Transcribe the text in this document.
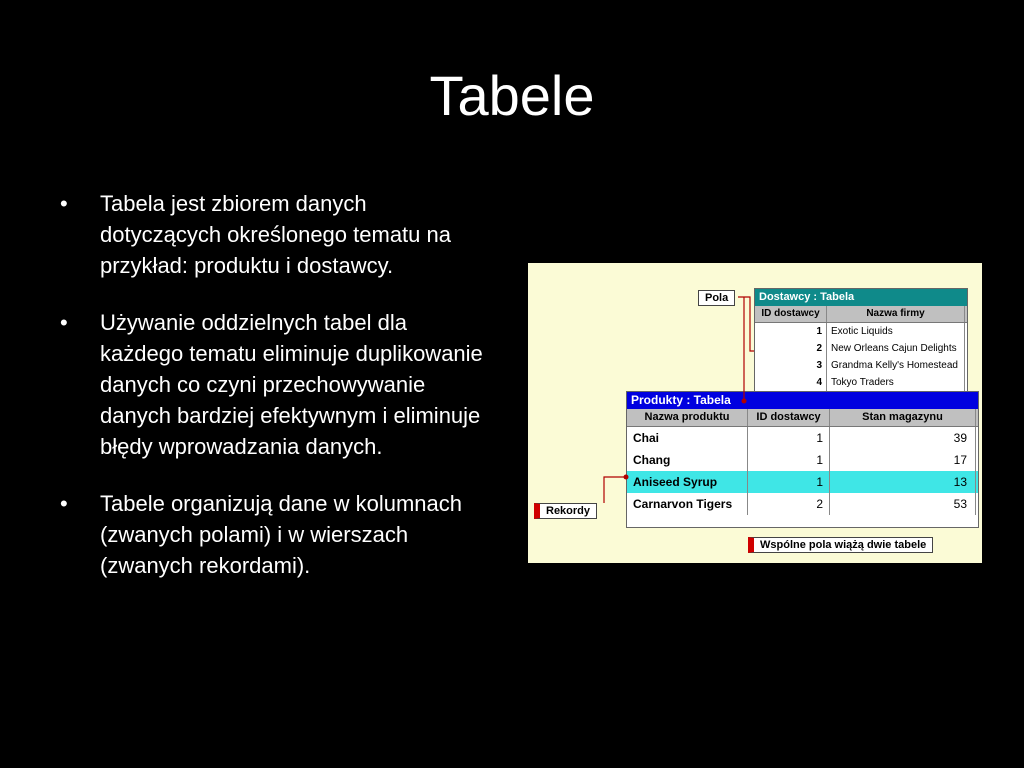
Tabele
• Tabela jest zbiorem danych dotyczących określonego tematu na przykład: produktu i dostawcy.
• Używanie oddzielnych tabel dla każdego tematu eliminuje duplikowanie danych co czyni przechowywanie danych bardziej efektywnym i eliminuje błędy wprowadzania danych.
• Tabele organizują dane w kolumnach (zwanych polami) i w wierszach (zwanych rekordami).
Dostawcy : Tabela
ID dostawcy	Nazwa firmy
1 Exotic Liquids
2 New Orleans Cajun Delights
3 Grandma Kelly's Homestead
4 Tokyo Traders
Produkty : Tabela
Nazwa produktu	ID dostawcy	Stan magazynu
Chai	1	39
Chang	1	17
Aniseed Syrup	1	13
Carnarvon Tigers	2	53
Pola
Rekordy
Wspólne pola wiążą dwie tabele
